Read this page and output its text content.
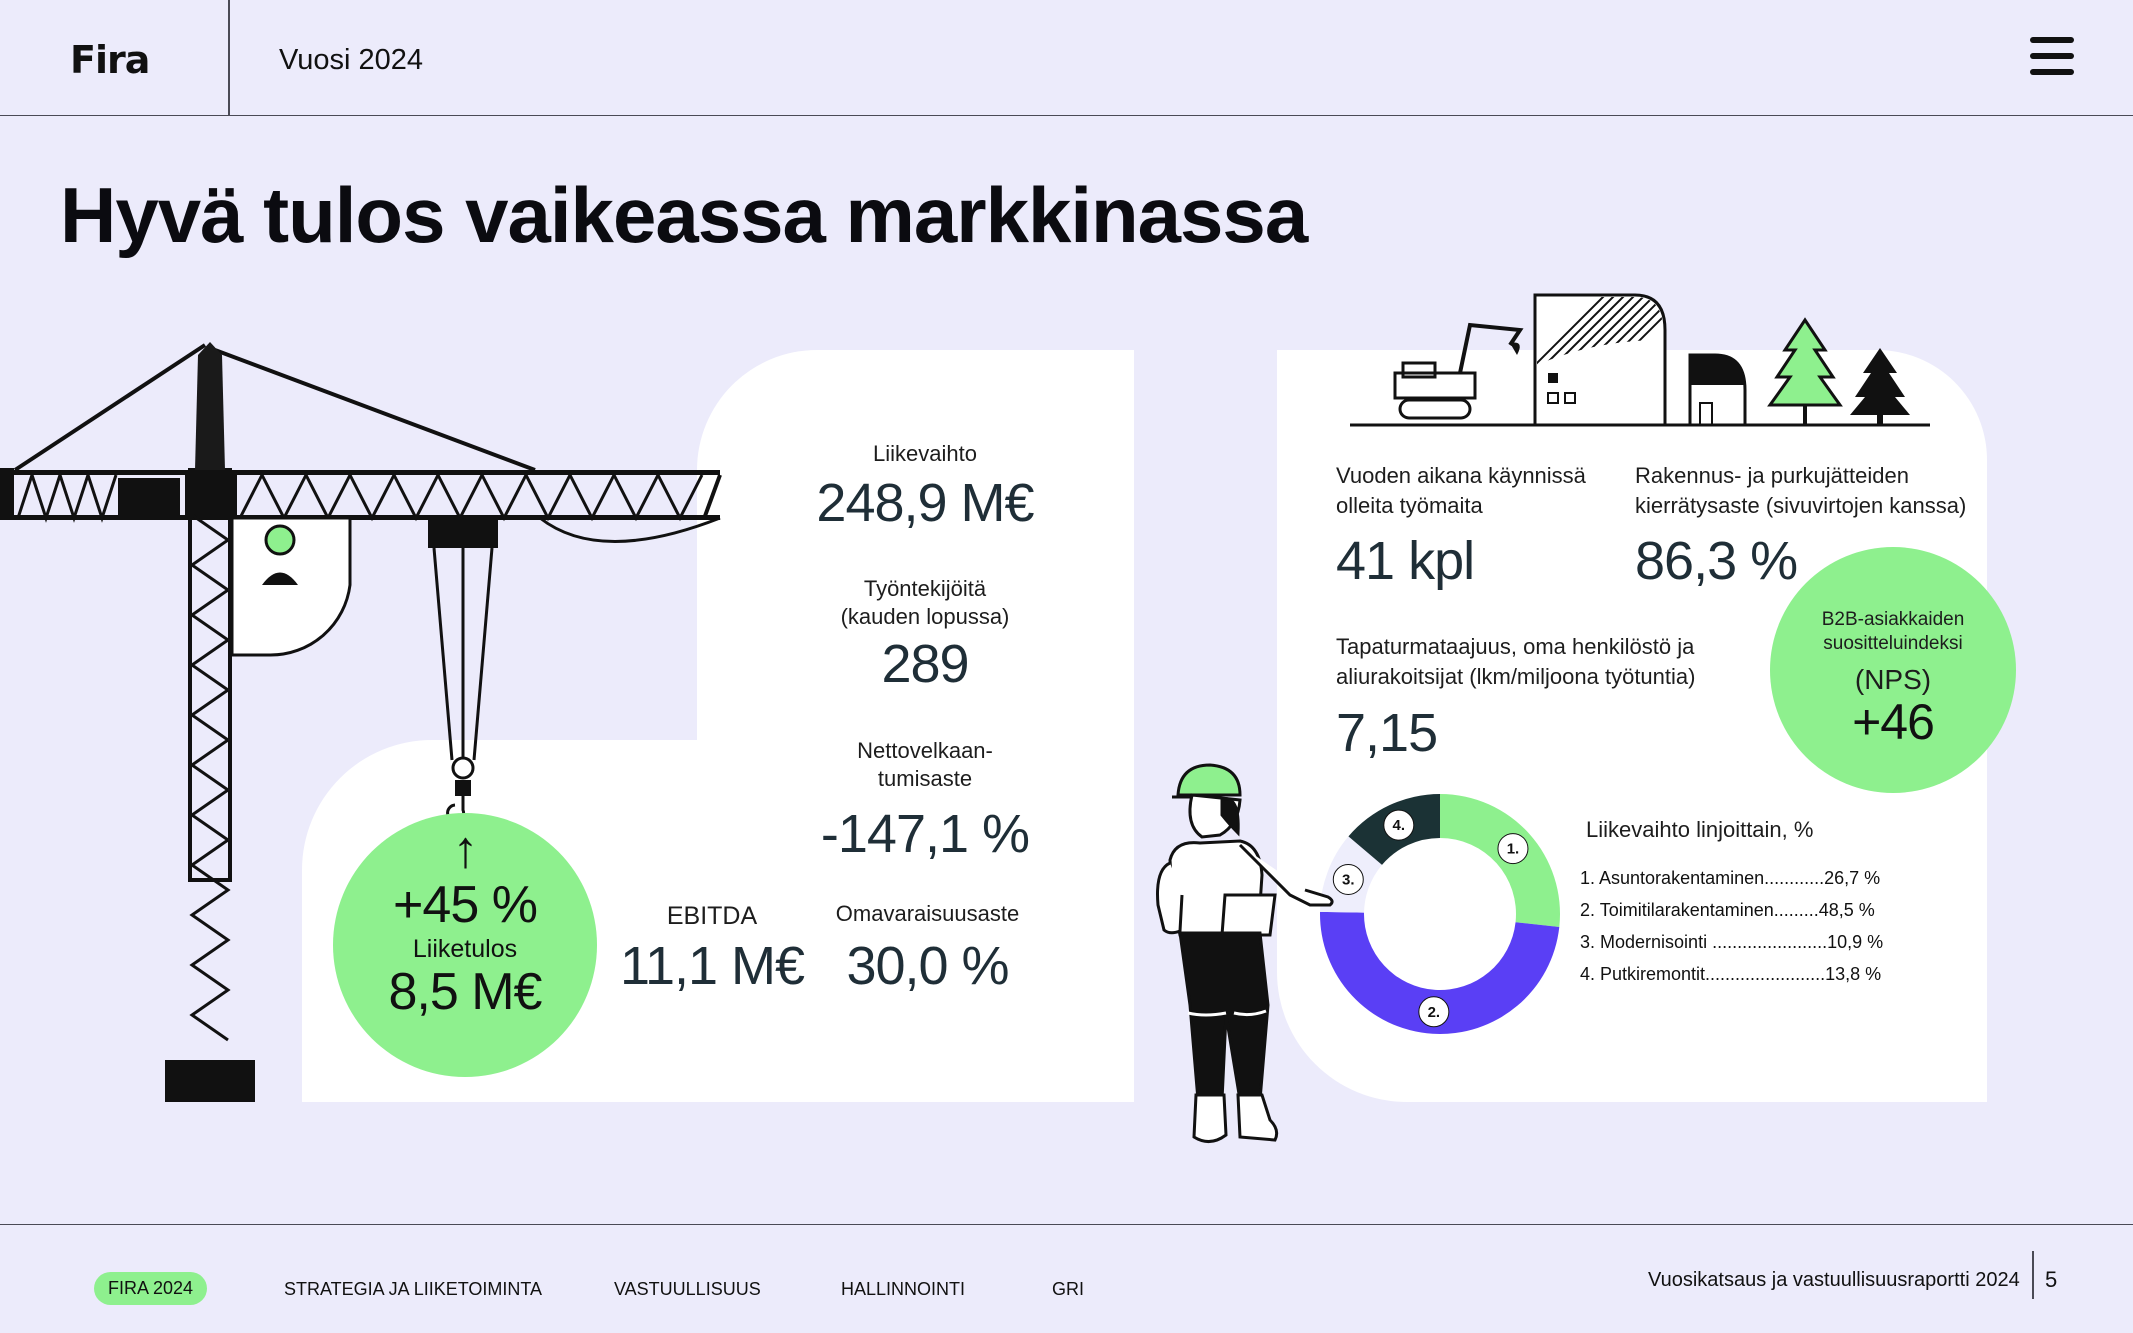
Fira	Vuosi 2024
Hyvä tulos vaikeassa markkinassa
↑
+45 %
Liiketulos
8,5 M€
Liikevaihto
248,9 M€
Työntekijöitä
(kauden lopussa)
289
Nettovelkaan-
tumisaste
-147,1 %
EBITDA
11,1 M€
Omavaraisuusaste
30,0 %
Vuoden aikana käynnissä
olleita työmaita
41 kpl
Rakennus- ja purkujätteiden
kierrätysaste (sivuvirtojen kanssa)
86,3 %
Tapaturmataajuus, oma henkilöstö ja
aliurakoitsijat (lkm/miljoona työtuntia)
7,15
B2B-asiakkaiden
suositteluindeksi
(NPS)
+46
1.
2.
3.
4.	Liikevaihto linjoittain, %
1. Asuntorakentaminen............26,7 %
2. Toimitilarakentaminen.........48,5 %
3. Modernisointi .......................10,9 %
4. Putkiremontit........................13,8 %
FIRA 2024	STRATEGIA JA LIIKETOIMINTA	VASTUULLISUUS	HALLINNOINTI	GRI	Vuosikatsaus ja vastuullisuusraportti 2024 5
